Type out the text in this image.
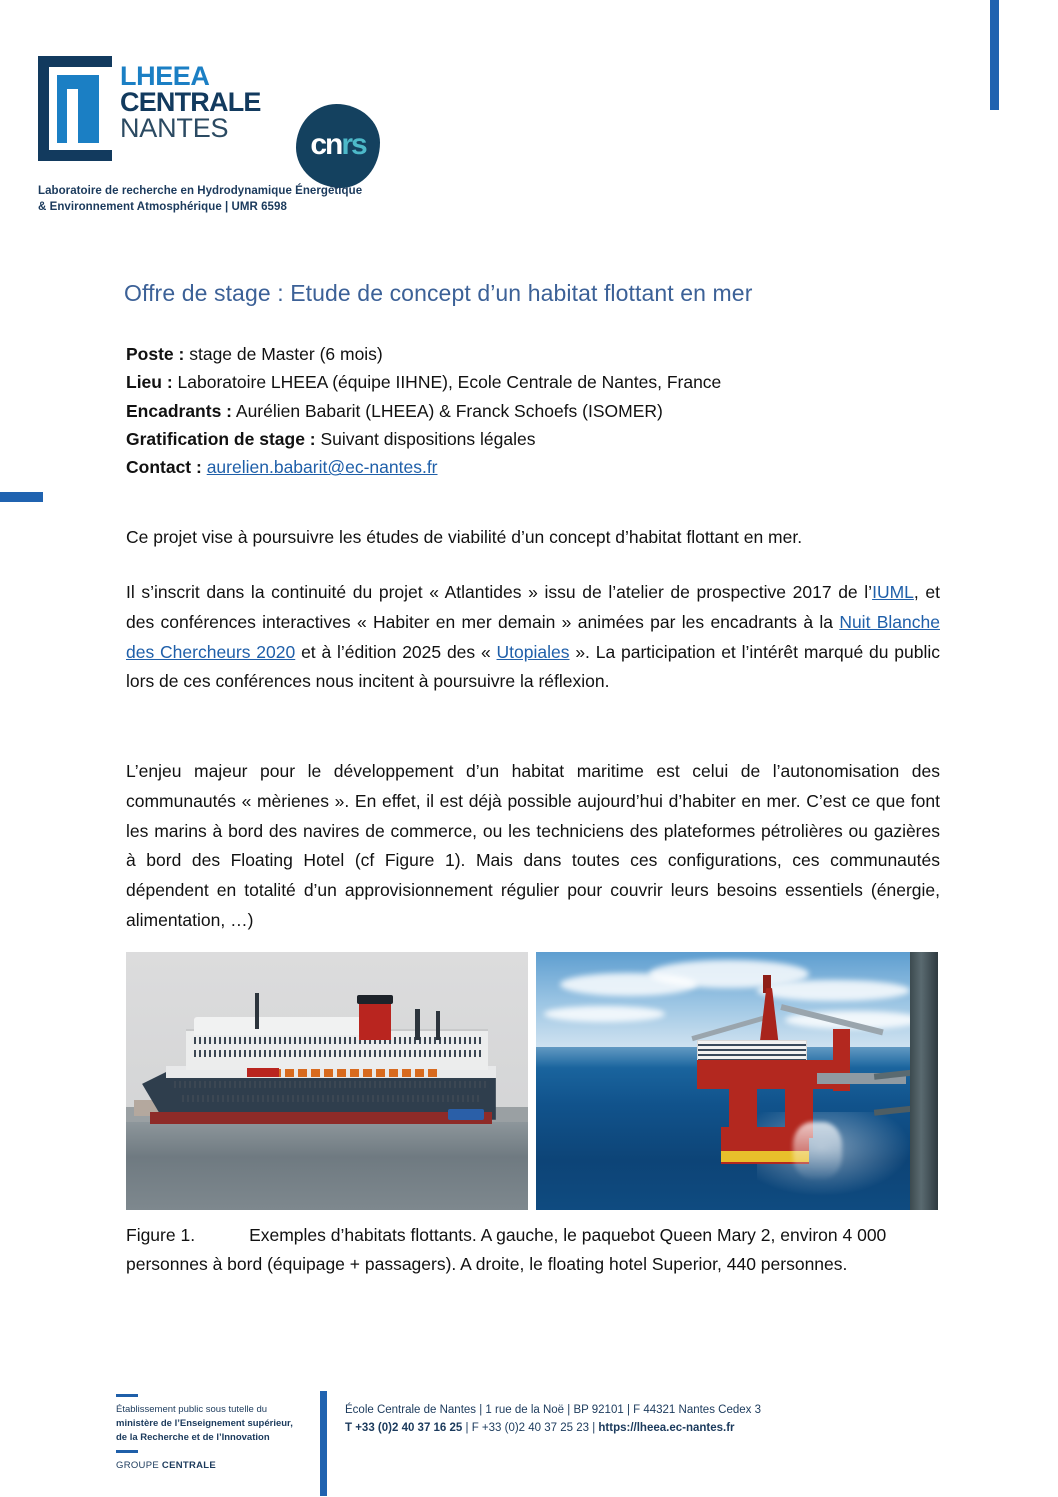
LHEEA
CENTRALE
NANTES
cnrs
Laboratoire de recherche en Hydrodynamique Énergétique
& Environnement Atmosphérique | UMR 6598
Offre de stage : Etude de concept d’un habitat flottant en mer
Poste : stage de Master (6 mois)
Lieu : Laboratoire LHEEA (équipe IIHNE), Ecole Centrale de Nantes, France
Encadrants : Aurélien Babarit (LHEEA) & Franck Schoefs (ISOMER)
Gratification de stage : Suivant dispositions légales
Contact : aurelien.babarit@ec-nantes.fr
Ce projet vise à poursuivre les études de viabilité d’un concept d’habitat flottant en mer.
Il s’inscrit dans la continuité du projet « Atlantides » issu de l’atelier de prospective 2017 de l’IUML, et des conférences interactives « Habiter en mer demain » animées par les encadrants à la Nuit Blanche des Chercheurs 2020 et à l’édition 2025 des « Utopiales ». La participation et l’intérêt marqué du public lors de ces conférences nous incitent à poursuivre la réflexion.
L’enjeu majeur pour le développement d’un habitat maritime est celui de l’autonomisation des communautés « mèrienes ». En effet, il est déjà possible aujourd’hui d’habiter en mer. C’est ce que font les marins à bord des navires de commerce, ou les techniciens des plateformes pétrolières ou gazières à bord des Floating Hotel (cf Figure 1). Mais dans toutes ces configurations, ces communautés dépendent en totalité d’un approvisionnement régulier pour couvrir leurs besoins essentiels (énergie, alimentation, …)
Figure 1.	Exemples d’habitats flottants. A gauche, le paquebot Queen Mary 2, environ 4 000 personnes à bord (équipage + passagers). A droite, le floating hotel Superior, 440 personnes.
Établissement public sous tutelle du
ministère de l’Enseignement supérieur,
de la Recherche et de l’Innovation
GROUPE CENTRALE
École Centrale de Nantes | 1 rue de la Noë | BP 92101 | F 44321 Nantes Cedex 3
T +33 (0)2 40 37 16 25 | F +33 (0)2 40 37 25 23 | https://lheea.ec-nantes.fr
